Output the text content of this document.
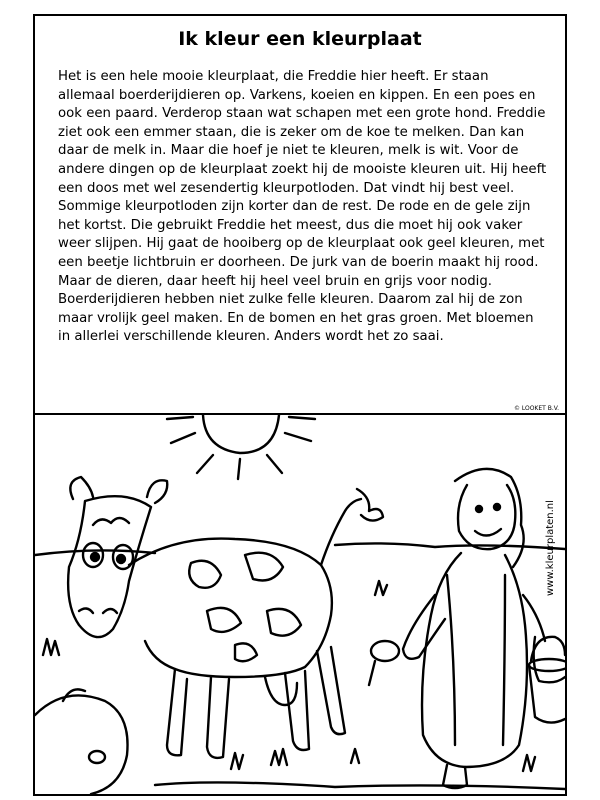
Ik kleur een kleurplaat

Het is een hele mooie kleurplaat, die Freddie hier heeft. Er staan allemaal boerderijdieren op. Varkens, koeien en kippen. En een poes en ook een paard. Verderop staan wat schapen met een grote hond. Freddie ziet ook een emmer staan, die is zeker om de koe te melken. Dan kan daar de melk in. Maar die hoef je niet te kleuren, melk is wit. Voor de andere dingen op de kleurplaat zoekt hij de mooiste kleuren uit. Hij heeft een doos met wel zesendertig kleurpotloden. Dat vindt hij best veel. Sommige kleurpotloden zijn korter dan de rest. De rode en de gele zijn het kortst. Die gebruikt Freddie het meest, dus die moet hij ook vaker weer slijpen. Hij gaat de hooiberg op de kleurplaat ook geel kleuren, met een beetje lichtbruin er doorheen. De jurk van de boerin maakt hij rood. Maar de dieren, daar heeft hij heel veel bruin en grijs voor nodig. Boerderijdieren hebben niet zulke felle kleuren. Daarom zal hij de zon maar vrolijk geel maken. En de bomen en het gras groen. Met bloemen in allerlei verschillende kleuren. Anders wordt het zo saai.

© LOOKET B.V.
www.kleurplaten.nl
